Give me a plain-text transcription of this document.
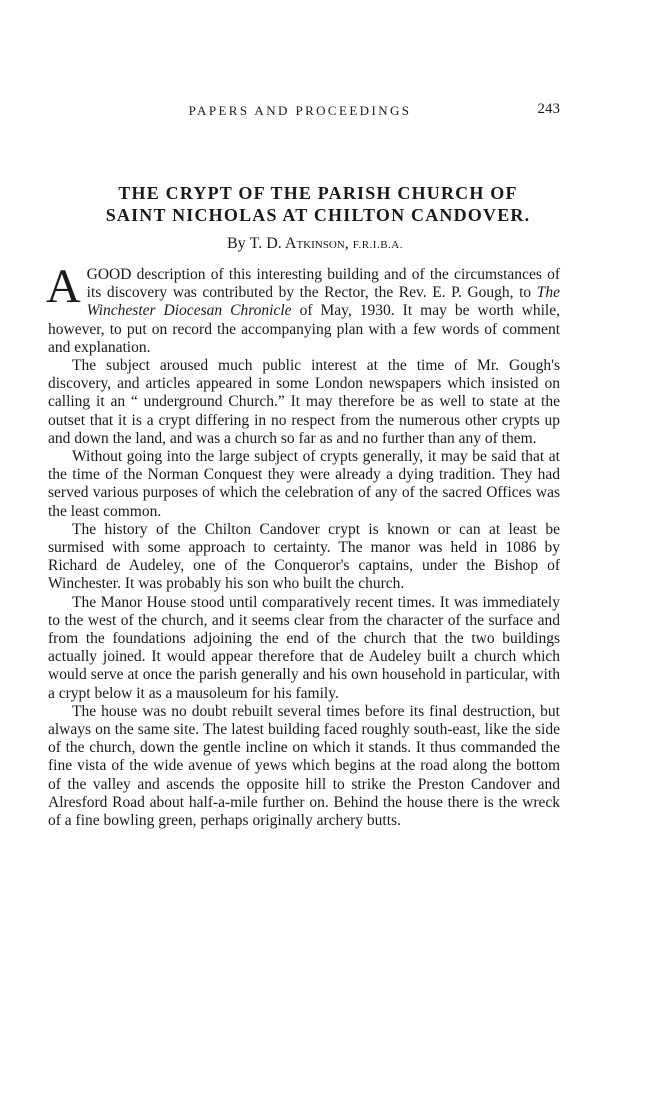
PAPERS AND PROCEEDINGS	243
THE CRYPT OF THE PARISH CHURCH OF
SAINT NICHOLAS AT CHILTON CANDOVER.

By T. D. Atkinson, F.R.I.B.A.

AGOOD description of this interesting building and of the circumstances of its discovery was contributed by the Rector, the Rev. E. P. Gough, to The Winchester Diocesan Chronicle of May, 1930. It may be worth while, however, to put on record the accompanying plan with a few words of comment and explanation.

The subject aroused much public interest at the time of Mr. Gough's discovery, and articles appeared in some London newspapers which insisted on calling it an “ underground Church.” It may therefore be as well to state at the outset that it is a crypt differing in no respect from the numerous other crypts up and down the land, and was a church so far as and no further than any of them.

Without going into the large subject of crypts generally, it may be said that at the time of the Norman Conquest they were already a dying tradition. They had served various purposes of which the celebration of any of the sacred Offices was the least common.

The history of the Chilton Candover crypt is known or can at least be surmised with some approach to certainty. The manor was held in 1086 by Richard de Audeley, one of the Conqueror's captains, under the Bishop of Winchester. It was probably his son who built the church.

The Manor House stood until comparatively recent times. It was immediately to the west of the church, and it seems clear from the character of the surface and from the foundations adjoining the end of the church that the two buildings actually joined. It would appear therefore that de Audeley built a church which would serve at once the parish generally and his own household in particular, with a crypt below it as a mausoleum for his family.

The house was no doubt rebuilt several times before its final destruction, but always on the same site. The latest building faced roughly south-east, like the side of the church, down the gentle incline on which it stands. It thus commanded the fine vista of the wide avenue of yews which begins at the road along the bottom of the valley and ascends the opposite hill to strike the Preston Candover and Alresford Road about half-a-mile further on. Behind the house there is the wreck of a fine bowling green, perhaps originally archery butts.
